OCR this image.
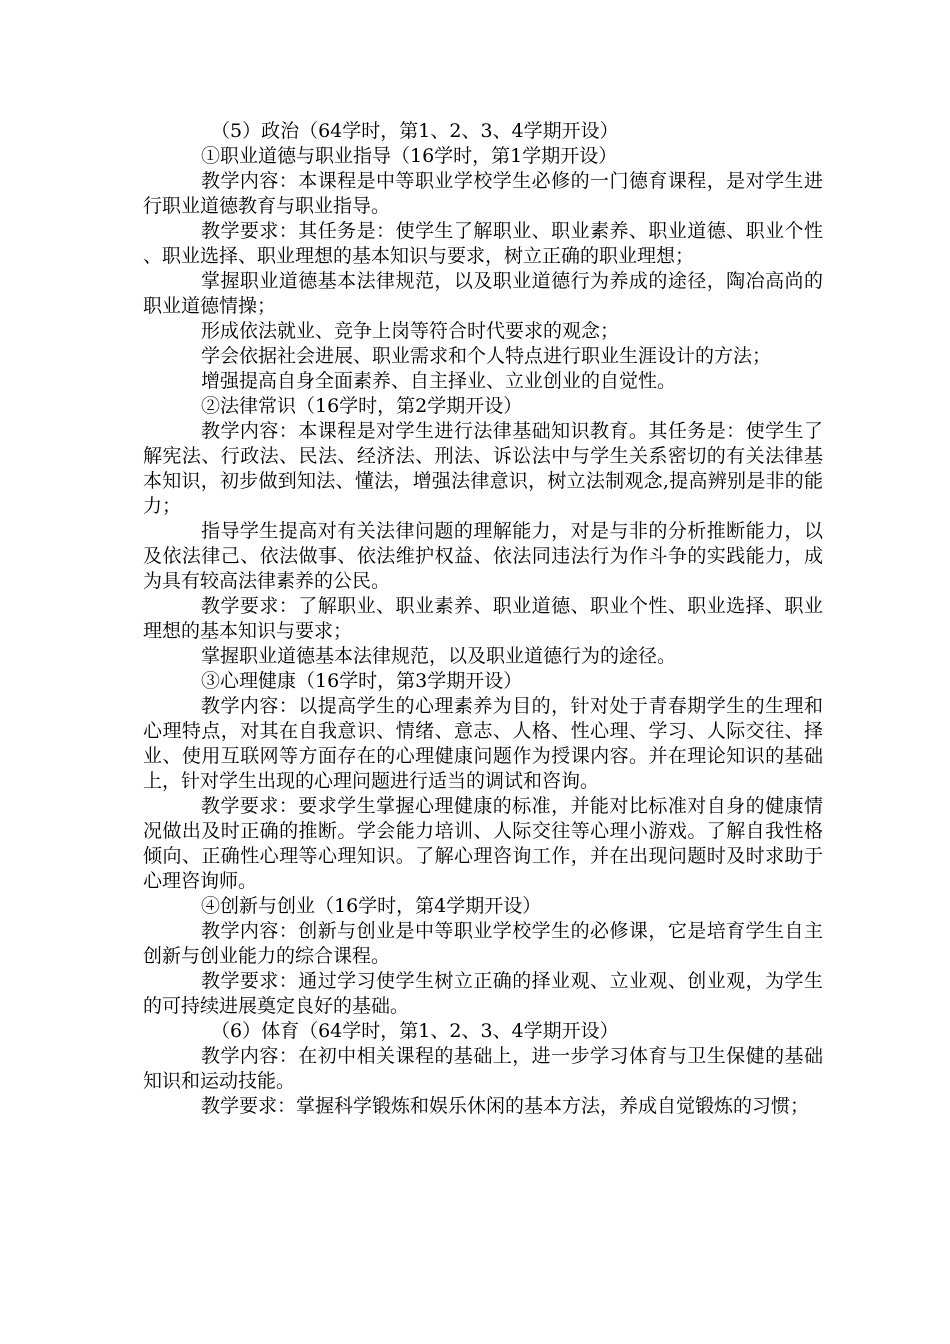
（5）政治（64学时，第1、2、3、4学期开设）

①职业道德与职业指导（16学时，第1学期开设）

教学内容：本课程是中等职业学校学生必修的一门德育课程，是对学生进行职业道德教育与职业指导。

教学要求：其任务是：使学生了解职业、职业素养、职业道德、职业个性、职业选择、职业理想的基本知识与要求，树立正确的职业理想；

掌握职业道德基本法律规范，以及职业道德行为养成的途径，陶冶高尚的职业道德情操；

形成依法就业、竞争上岗等符合时代要求的观念；

学会依据社会进展、职业需求和个人特点进行职业生涯设计的方法；

增强提高自身全面素养、自主择业、立业创业的自觉性。

②法律常识（16学时，第2学期开设）

教学内容：本课程是对学生进行法律基础知识教育。其任务是：使学生了解宪法、行政法、民法、经济法、刑法、诉讼法中与学生关系密切的有关法律基本知识，初步做到知法、懂法，增强法律意识，树立法制观念,提高辨别是非的能力；

指导学生提高对有关法律问题的理解能力，对是与非的分析推断能力，以及依法律己、依法做事、依法维护权益、依法同违法行为作斗争的实践能力，成为具有较高法律素养的公民。

教学要求：了解职业、职业素养、职业道德、职业个性、职业选择、职业理想的基本知识与要求；

掌握职业道德基本法律规范，以及职业道德行为的途径。

③心理健康（16学时，第3学期开设）

教学内容：以提高学生的心理素养为目的，针对处于青春期学生的生理和心理特点，对其在自我意识、情绪、意志、人格、性心理、学习、人际交往、择业、使用互联网等方面存在的心理健康问题作为授课内容。并在理论知识的基础上，针对学生出现的心理问题进行适当的调试和咨询。

教学要求：要求学生掌握心理健康的标准，并能对比标准对自身的健康情况做出及时正确的推断。学会能力培训、人际交往等心理小游戏。了解自我性格倾向、正确性心理等心理知识。了解心理咨询工作，并在出现问题时及时求助于心理咨询师。

④创新与创业（16学时，第4学期开设）

教学内容：创新与创业是中等职业学校学生的必修课，它是培育学生自主创新与创业能力的综合课程。

教学要求：通过学习使学生树立正确的择业观、立业观、创业观，为学生的可持续进展奠定良好的基础。

（6）体育（64学时，第1、2、3、4学期开设）

教学内容：在初中相关课程的基础上，进一步学习体育与卫生保健的基础知识和运动技能。

教学要求：掌握科学锻炼和娱乐休闲的基本方法，养成自觉锻炼的习惯；
